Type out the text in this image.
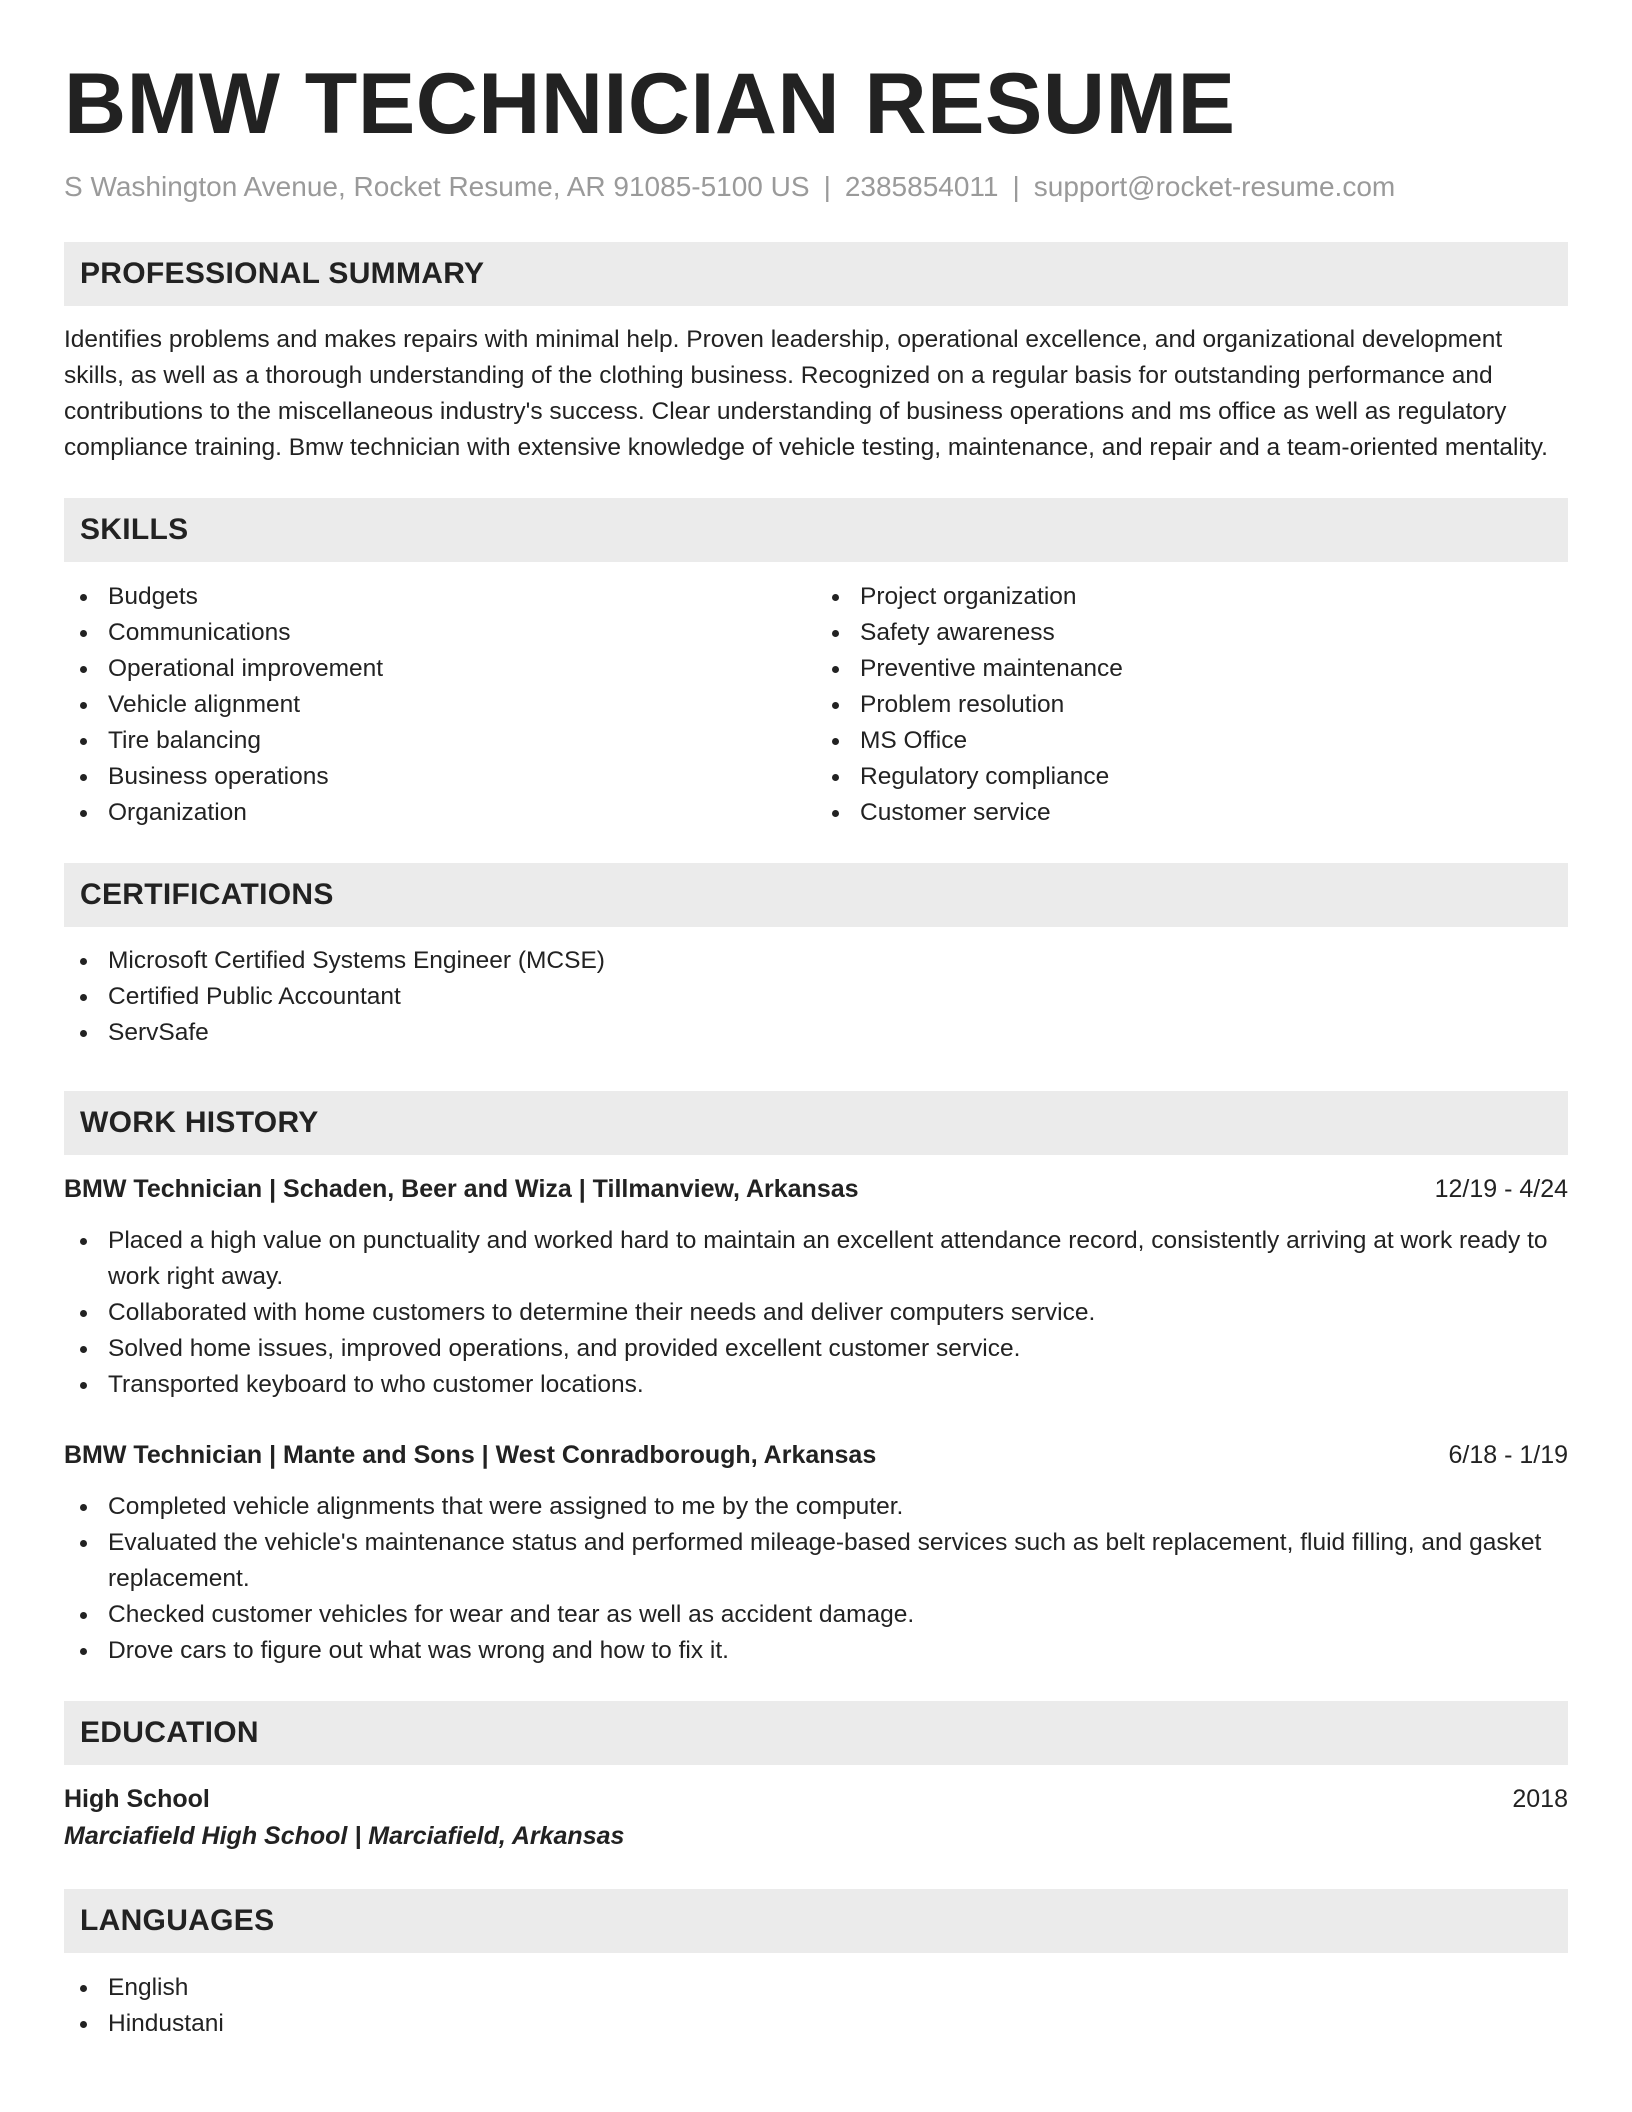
BMW TECHNICIAN RESUME
S Washington Avenue, Rocket Resume, AR 91085-5100 US | 2385854011 | support@rocket-resume.com
PROFESSIONAL SUMMARY
Identifies problems and makes repairs with minimal help. Proven leadership, operational excellence, and organizational development skills, as well as a thorough understanding of the clothing business. Recognized on a regular basis for outstanding performance and contributions to the miscellaneous industry's success. Clear understanding of business operations and ms office as well as regulatory compliance training. Bmw technician with extensive knowledge of vehicle testing, maintenance, and repair and a team-oriented mentality.
SKILLS
Budgets
Communications
Operational improvement
Vehicle alignment
Tire balancing
Business operations
Organization
Project organization
Safety awareness
Preventive maintenance
Problem resolution
MS Office
Regulatory compliance
Customer service
CERTIFICATIONS
Microsoft Certified Systems Engineer (MCSE)
Certified Public Accountant
ServSafe
WORK HISTORY
BMW Technician | Schaden, Beer and Wiza | Tillmanview, Arkansas	12/19 - 4/24
Placed a high value on punctuality and worked hard to maintain an excellent attendance record, consistently arriving at work ready to work right away.
Collaborated with home customers to determine their needs and deliver computers service.
Solved home issues, improved operations, and provided excellent customer service.
Transported keyboard to who customer locations.
BMW Technician | Mante and Sons | West Conradborough, Arkansas	6/18 - 1/19
Completed vehicle alignments that were assigned to me by the computer.
Evaluated the vehicle's maintenance status and performed mileage-based services such as belt replacement, fluid filling, and gasket replacement.
Checked customer vehicles for wear and tear as well as accident damage.
Drove cars to figure out what was wrong and how to fix it.
EDUCATION
High School	2018
Marciafield High School | Marciafield, Arkansas
LANGUAGES
English
Hindustani
